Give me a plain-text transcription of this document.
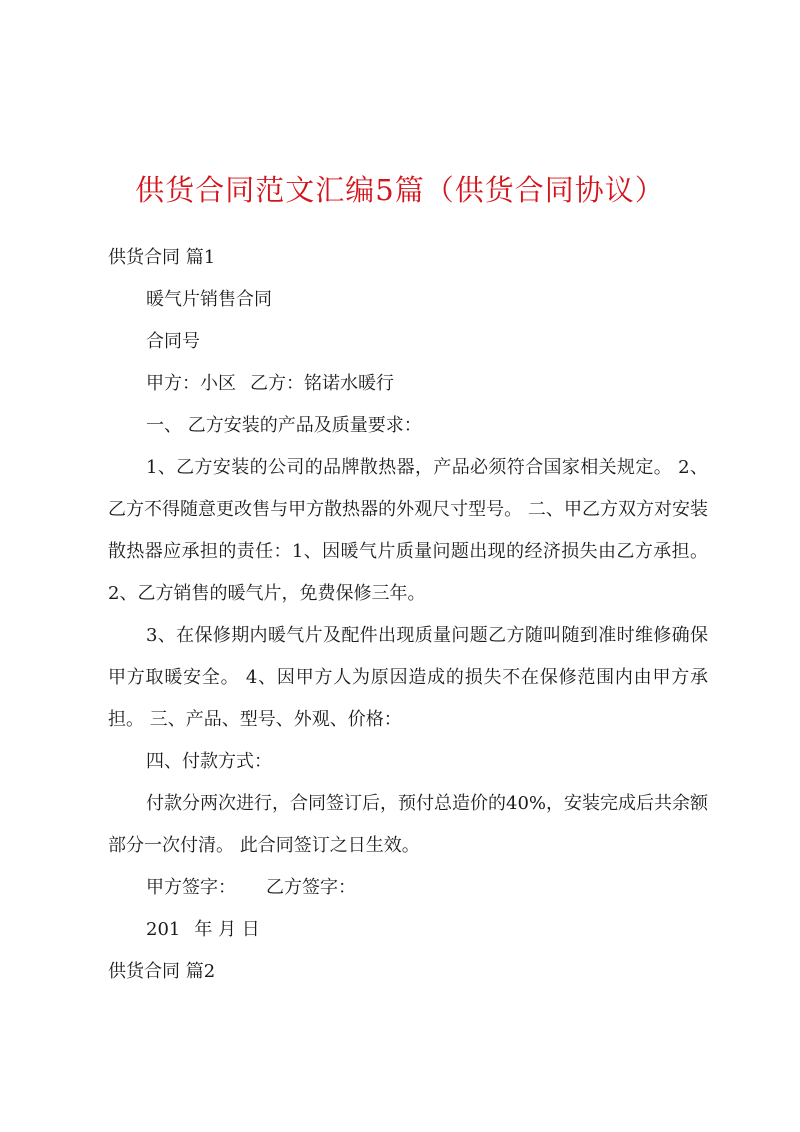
供货合同范文汇编5篇（供货合同协议）
供货合同 篇1
暖气片销售合同
合同号
甲方：小区 乙方：铭诺水暖行
一、 乙方安装的产品及质量要求：
1、乙方安装的公司的品牌散热器，产品必须符合国家相关规定。 2、乙方不得随意更改售与甲方散热器的外观尺寸型号。 二、甲乙方双方对安装散热器应承担的责任：1、因暖气片质量问题出现的经济损失由乙方承担。 2、乙方销售的暖气片，免费保修三年。
3、在保修期内暖气片及配件出现质量问题乙方随叫随到准时维修确保甲方取暖安全。 4、因甲方人为原因造成的损失不在保修范围内由甲方承担。 三、产品、型号、外观、价格：
四、付款方式：
付款分两次进行，合同签订后，预付总造价的40%，安装完成后共余额部分一次付清。 此合同签订之日生效。
甲方签字： 乙方签字：
201 年 月 日
供货合同 篇2
